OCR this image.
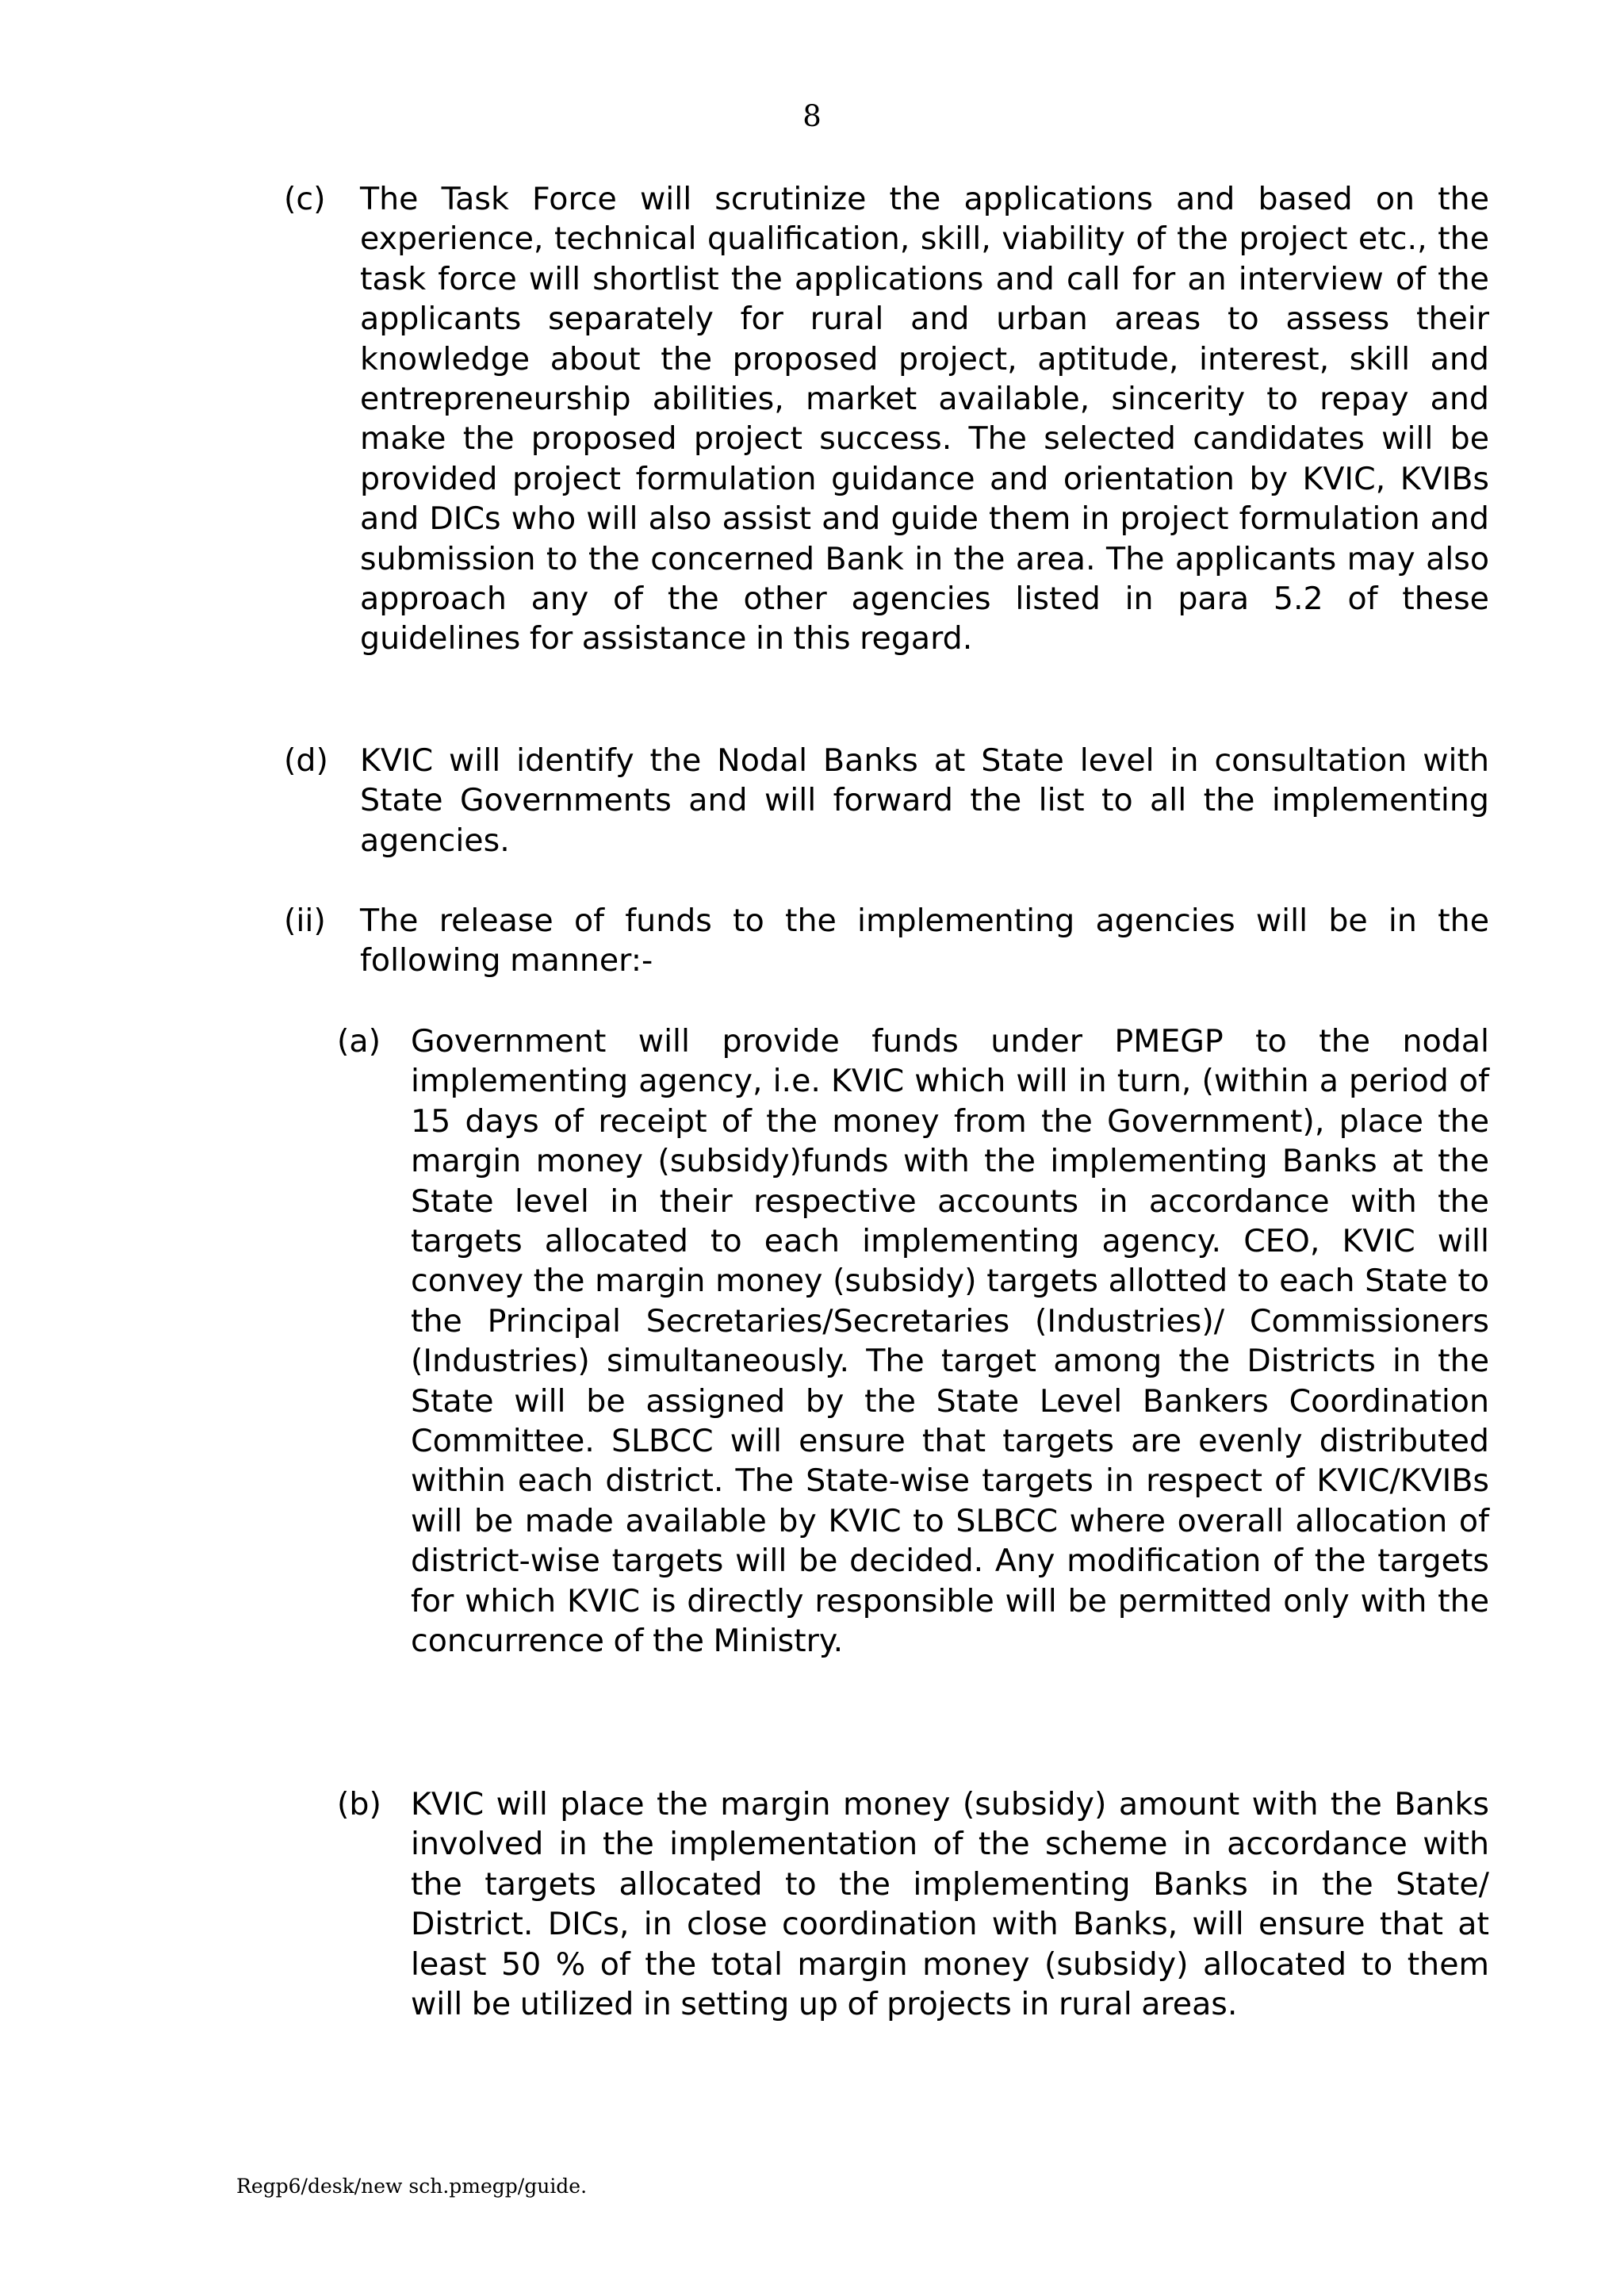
8
(c) The Task Force will scrutinize the applications and based on the experience, technical qualification, skill, viability of the project etc., the task force will shortlist the applications and call for an interview of the applicants separately for rural and urban areas to assess their knowledge about the proposed project, aptitude, interest, skill and entrepreneurship abilities, market available, sincerity to repay and make the proposed project success. The selected candidates will be provided project formulation guidance and orientation by KVIC, KVIBs and DICs who will also assist and guide them in project formulation and submission to the concerned Bank in the area. The applicants may also approach any of the other agencies listed in para 5.2 of these guidelines for assistance in this regard.
(d) KVIC will identify the Nodal Banks at State level in consultation with State Governments and will forward the list to all the implementing agencies.
(ii) The release of funds to the implementing agencies will be in the following manner:-
(a) Government will provide funds under PMEGP to the nodal implementing agency, i.e. KVIC which will in turn, (within a period of 15 days of receipt of the money from the Government), place the margin money (subsidy)funds with the implementing Banks at the State level in their respective accounts in accordance with the targets allocated to each implementing agency. CEO, KVIC will convey the margin money (subsidy) targets allotted to each State to the Principal Secretaries/Secretaries (Industries)/ Commissioners (Industries) simultaneously. The target among the Districts in the State will be assigned by the State Level Bankers Coordination Committee. SLBCC will ensure that targets are evenly distributed within each district. The State-wise targets in respect of KVIC/KVIBs will be made available by KVIC to SLBCC where overall allocation of district-wise targets will be decided. Any modification of the targets for which KVIC is directly responsible will be permitted only with the concurrence of the Ministry.
(b) KVIC will place the margin money (subsidy) amount with the Banks involved in the implementation of the scheme in accordance with the targets allocated to the implementing Banks in the State/ District. DICs, in close coordination with Banks, will ensure that at least 50 % of the total margin money (subsidy) allocated to them will be utilized in setting up of projects in rural areas.
Regp6/desk/new sch.pmegp/guide.
